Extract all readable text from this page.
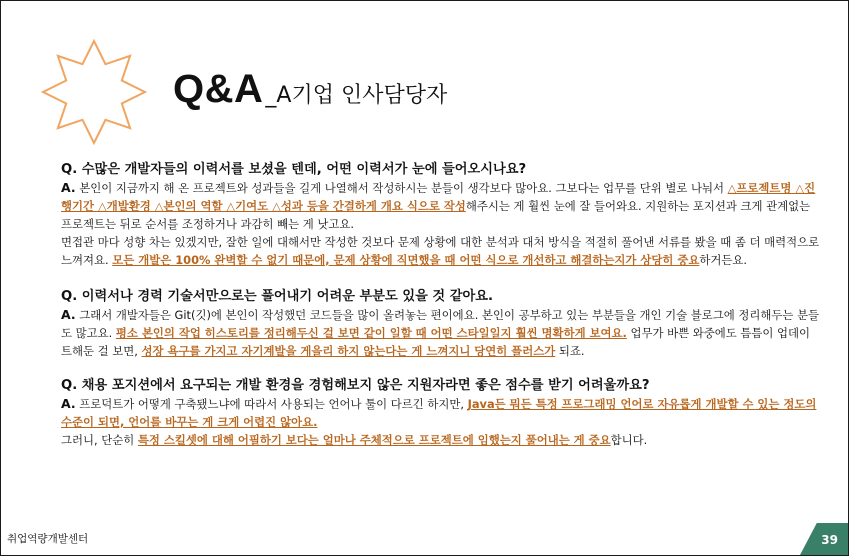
Q&A_A기업 인사담당자

Q. 수많은 개발자들의 이력서를 보셨을 텐데, 어떤 이력서가 눈에 들어오시나요?

A. 본인이 지금까지 해 온 프로젝트와 성과들을 길게 나열해서 작성하시는 분들이 생각보다 많아요. 그보다는 업무를 단위 별로 나눠서 △프로젝트명 △진행기간 △개발환경 △본인의 역할 △기여도 △성과 등을 간결하게 개요 식으로 작성해주시는 게 훨씬 눈에 잘 들어와요. 지원하는 포지션과 크게 관계없는 프로젝트는 뒤로 순서를 조정하거나 과감히 빼는 게 낫고요.

면접관 마다 성향 차는 있겠지만, 잘한 일에 대해서만 작성한 것보다 문제 상황에 대한 분석과 대처 방식을 적절히 풀어낸 서류를 봤을 때 좀 더 매력적으로 느껴져요. 모든 개발은 100% 완벽할 수 없기 때문에, 문제 상황에 직면했을 때 어떤 식으로 개선하고 해결하는지가 상당히 중요하거든요.

Q. 이력서나 경력 기술서만으로는 풀어내기 어려운 부분도 있을 것 같아요.

A. 그래서 개발자들은 Git(깃)에 본인이 작성했던 코드들을 많이 올려놓는 편이에요. 본인이 공부하고 있는 부분들을 개인 기술 블로그에 정리해두는 분들도 많고요. 평소 본인의 작업 히스토리를 정리해두신 걸 보면 같이 일할 때 어떤 스타일일지 훨씬 명확하게 보여요. 업무가 바쁜 와중에도 틈틈이 업데이트해둔 걸 보면, 성장 욕구를 가지고 자기계발을 게을리 하지 않는다는 게 느껴지니 당연히 플러스가 되죠.

Q. 채용 포지션에서 요구되는 개발 환경을 경험해보지 않은 지원자라면 좋은 점수를 받기 어려울까요?

A. 프로덕트가 어떻게 구축됐느냐에 따라서 사용되는 언어나 툴이 다르긴 하지만, Java든 뭐든 특정 프로그래밍 언어로 자유롭게 개발할 수 있는 정도의 수준이 되면, 언어를 바꾸는 게 크게 어렵진 않아요.

그러니, 단순히 특정 스킬셋에 대해 어필하기 보다는 얼마나 주체적으로 프로젝트에 임했는지 풀어내는 게 중요합니다.

취업역량개발센터	39
